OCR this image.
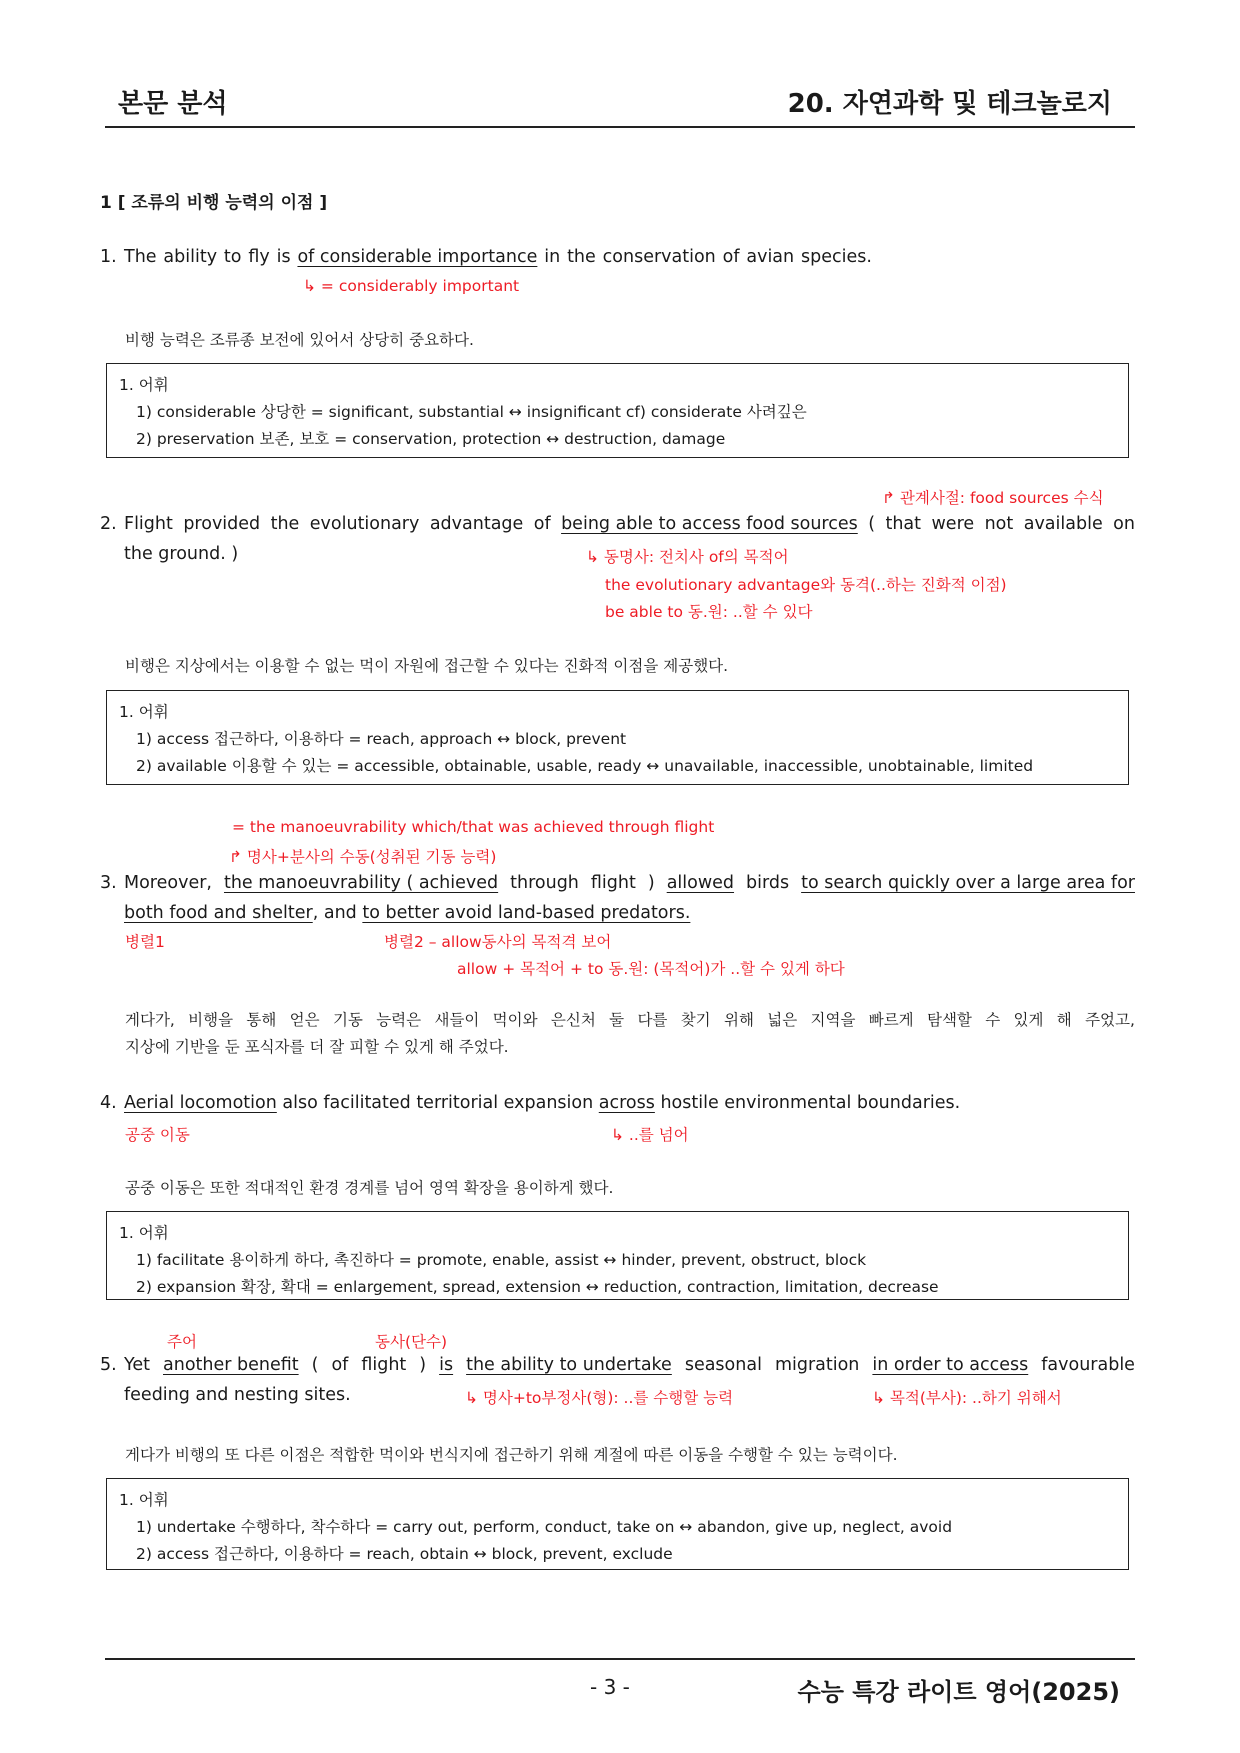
본문 분석	20. 자연과학 및 테크놀로지
1 [ 조류의 비행 능력의 이점 ]
1. The ability to fly is of considerable importance in the conservation of avian species.
↳ = considerably important
비행 능력은 조류종 보전에 있어서 상당히 중요하다.
1. 어휘
1) considerable 상당한 = significant, substantial ↔ insignificant cf) considerate 사려깊은
2) preservation 보존, 보호 = conservation, protection ↔ destruction, damage
↱ 관계사절: food sources 수식
2. Flight provided the evolutionary advantage of being able to access food sources ( that were not available on
the ground. )	↳ 동명사: 전치사 of의 목적어
the evolutionary advantage와 동격(..하는 진화적 이점)
be able to 동.원: ..할 수 있다
비행은 지상에서는 이용할 수 없는 먹이 자원에 접근할 수 있다는 진화적 이점을 제공했다.
1. 어휘
1) access 접근하다, 이용하다 = reach, approach ↔ block, prevent
2) available 이용할 수 있는 = accessible, obtainable, usable, ready ↔ unavailable, inaccessible, unobtainable, limited
= the manoeuvrability which/that was achieved through flight
↱ 명사+분사의 수동(성취된 기동 능력)
3. Moreover, the manoeuvrability ( achieved through flight ) allowed birds to search quickly over a large area for
both food and shelter, and to better avoid land-based predators.
병렬1	병렬2 – allow동사의 목적격 보어
allow + 목적어 + to 동.원: (목적어)가 ..할 수 있게 하다
게다가, 비행을 통해 얻은 기동 능력은 새들이 먹이와 은신처 둘 다를 찾기 위해 넓은 지역을 빠르게 탐색할 수 있게 해 주었고,
지상에 기반을 둔 포식자를 더 잘 피할 수 있게 해 주었다.
4. Aerial locomotion also facilitated territorial expansion across hostile environmental boundaries.
공중 이동	↳ ..를 넘어
공중 이동은 또한 적대적인 환경 경계를 넘어 영역 확장을 용이하게 했다.
1. 어휘
1) facilitate 용이하게 하다, 촉진하다 = promote, enable, assist ↔ hinder, prevent, obstruct, block
2) expansion 확장, 확대 = enlargement, spread, extension ↔ reduction, contraction, limitation, decrease
주어	동사(단수)
5. Yet another benefit ( of flight ) is the ability to undertake seasonal migration in order to access favourable
feeding and nesting sites.	↳ 명사+to부정사(형): ..를 수행할 능력	↳ 목적(부사): ..하기 위해서
게다가 비행의 또 다른 이점은 적합한 먹이와 번식지에 접근하기 위해 계절에 따른 이동을 수행할 수 있는 능력이다.
1. 어휘
1) undertake 수행하다, 착수하다 = carry out, perform, conduct, take on ↔ abandon, give up, neglect, avoid
2) access 접근하다, 이용하다 = reach, obtain ↔ block, prevent, exclude
- 3 -	수능 특강 라이트 영어(2025)
